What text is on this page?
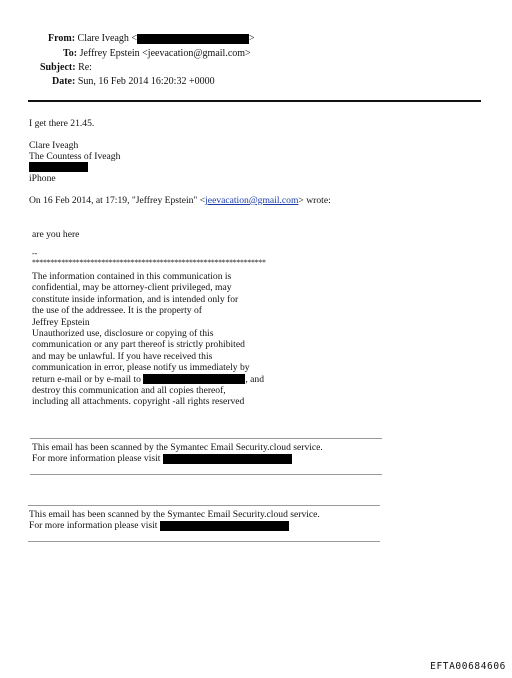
From: Clare Iveagh <	>
To: Jeffrey Epstein <jeevacation@gmail.com>
Subject: Re:
Date: Sun, 16 Feb 2014 16:20:32 +0000
I get there 21.45.
Clare Iveagh
The Countess of Iveagh
iPhone
On 16 Feb 2014, at 17:19, "Jeffrey Epstein" <jeevacation@gmail.com> wrote:
are you here
--
****************************************************************
The information contained in this communication is
confidential, may be attorney-client privileged, may
constitute inside information, and is intended only for
the use of the addressee. It is the property of
Jeffrey Epstein
Unauthorized use, disclosure or copying of this
communication or any part thereof is strictly prohibited
and may be unlawful. If you have received this
communication in error, please notify us immediately by
return e-mail or by e-mail to	, and
destroy this communication and all copies thereof,
including all attachments. copyright -all rights reserved
This email has been scanned by the Symantec Email Security.cloud service.
For more information please visit
This email has been scanned by the Symantec Email Security.cloud service.
For more information please visit
EFTA00684606
